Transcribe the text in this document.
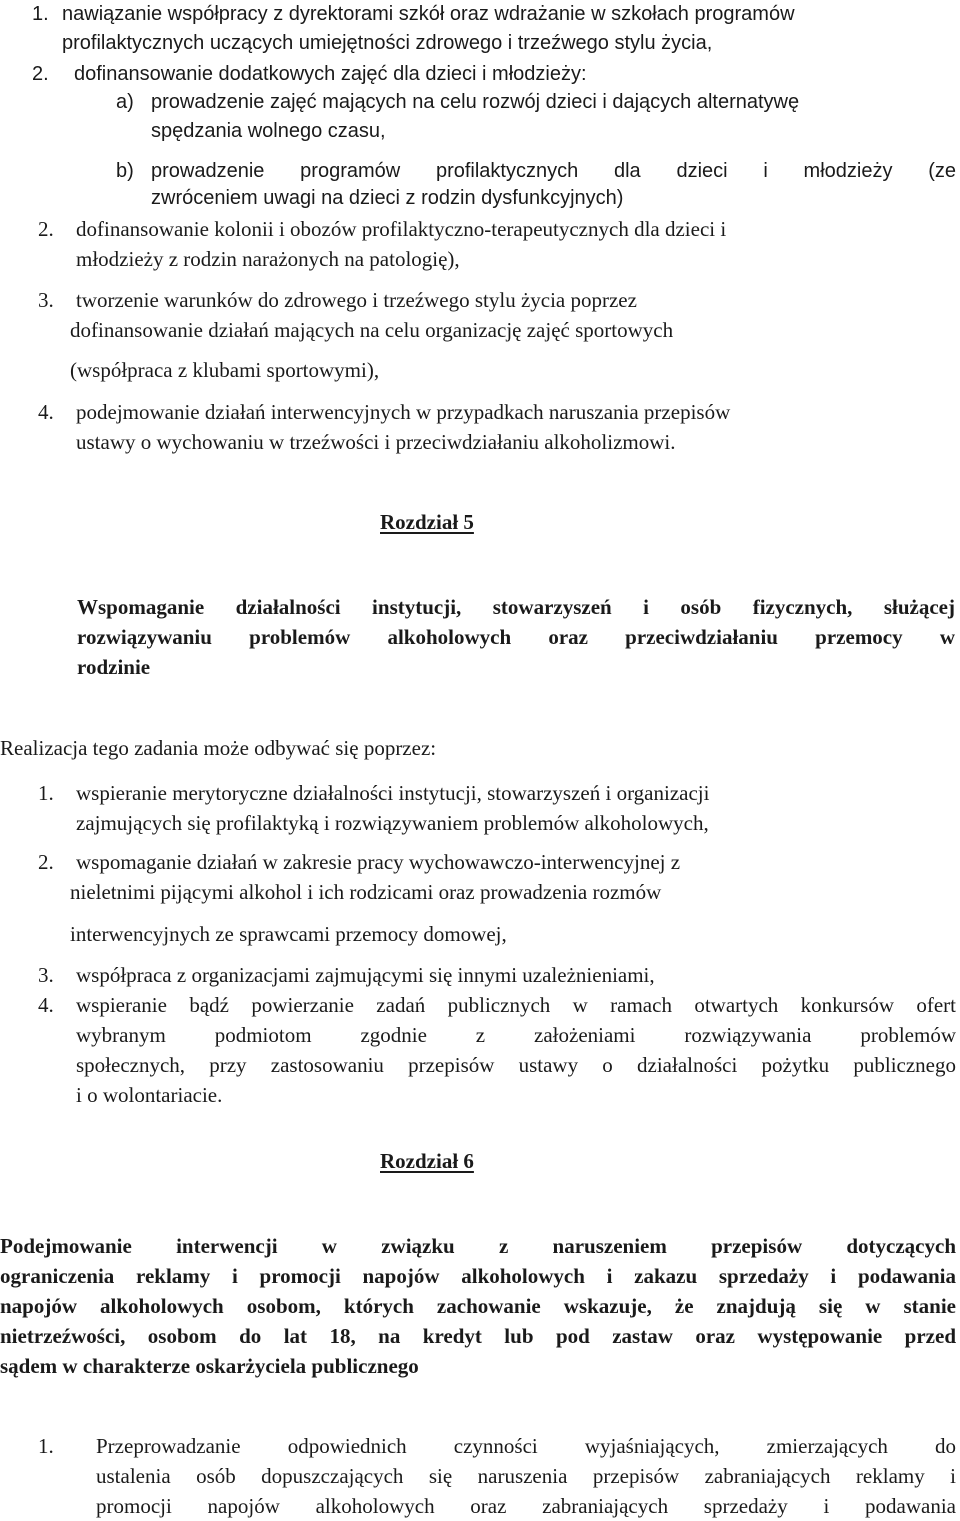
1. nawiązanie współpracy z dyrektorami szkół oraz wdrażanie w szkołach programów
profilaktycznych uczących umiejętności zdrowego i trzeźwego stylu życia,
2. dofinansowanie dodatkowych zajęć dla dzieci i młodzieży:
a) prowadzenie zajęć mających na celu rozwój dzieci i dających alternatywę
spędzania wolnego czasu,
b) prowadzenie programów profilaktycznych dla dzieci i młodzieży (ze
zwróceniem uwagi na dzieci z rodzin dysfunkcyjnych)
2. dofinansowanie kolonii i obozów profilaktyczno-terapeutycznych dla dzieci i
młodzieży z rodzin narażonych na patologię),
3. tworzenie warunków do zdrowego i trzeźwego stylu życia poprzez
dofinansowanie działań mających na celu organizację zajęć sportowych
(współpraca z klubami sportowymi),
4. podejmowanie działań interwencyjnych w przypadkach naruszania przepisów
ustawy o wychowaniu w trzeźwości i przeciwdziałaniu alkoholizmowi.
Rozdział 5
Wspomaganie działalności instytucji, stowarzyszeń i osób fizycznych, służącej
rozwiązywaniu problemów alkoholowych oraz przeciwdziałaniu przemocy w
rodzinie
Realizacja tego zadania może odbywać się poprzez:
1. wspieranie merytoryczne działalności instytucji, stowarzyszeń i organizacji
zajmujących się profilaktyką i rozwiązywaniem problemów alkoholowych,
2. wspomaganie działań w zakresie pracy wychowawczo-interwencyjnej z
nieletnimi pijącymi alkohol i ich rodzicami oraz prowadzenia rozmów
interwencyjnych ze sprawcami przemocy domowej,
3. współpraca z organizacjami zajmującymi się innymi uzależnieniami,
4. wspieranie bądź powierzanie zadań publicznych w ramach otwartych konkursów ofert
wybranym podmiotom zgodnie z założeniami rozwiązywania problemów
społecznych, przy zastosowaniu przepisów ustawy o działalności pożytku publicznego
i o wolontariacie.
Rozdział 6
Podejmowanie interwencji w związku z naruszeniem przepisów dotyczących
ograniczenia reklamy i promocji napojów alkoholowych i zakazu sprzedaży i podawania
napojów alkoholowych osobom, których zachowanie wskazuje, że znajdują się w stanie
nietrzeźwości, osobom do lat 18, na kredyt lub pod zastaw oraz występowanie przed
sądem w charakterze oskarżyciela publicznego
1. Przeprowadzanie odpowiednich czynności wyjaśniających, zmierzających do
ustalenia osób dopuszczających się naruszenia przepisów zabraniających reklamy i
promocji napojów alkoholowych oraz zabraniających sprzedaży i podawania
